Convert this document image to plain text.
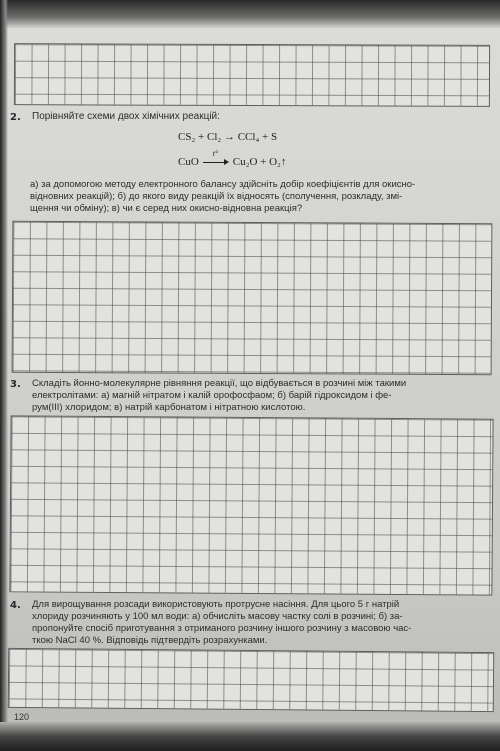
2. Порівняйте схеми двох хімічних реакцій:
CS₂ + Cl₂ → CCl₄ + S
CuO
t°
Cu₂O + O₂↑
а) за допомогою методу електронного балансу здійсніть добір коефіцієнтів для окисно-
відновних реакцій); б) до якого виду реакцій їх відносять (сполучення, розкладу, змі-
щення чи обміну); в) чи є серед них окисно-відновна реакція?
3. Складіть йонно-молекулярне рівняння реакції, що відбувається в розчині між такими
електролітами: а) магній нітратом і калій орофосфаом; б) барій гідроксидом і фе-
рум(III) хлоридом; в) натрій карбонатом і нітратною кислотою.
4. Для вирощування розсади використовують протрусне насіння. Для цього 5 г натрій
хлориду розчиняють у 100 мл води: а) обчисліть масову частку солі в розчині; б) за-
пропонуйте спосіб приготування з отриманого розчину іншого розчину з масовою час-
ткою NaCl 40 %. Відповідь підтвердіть розрахунками.
120
